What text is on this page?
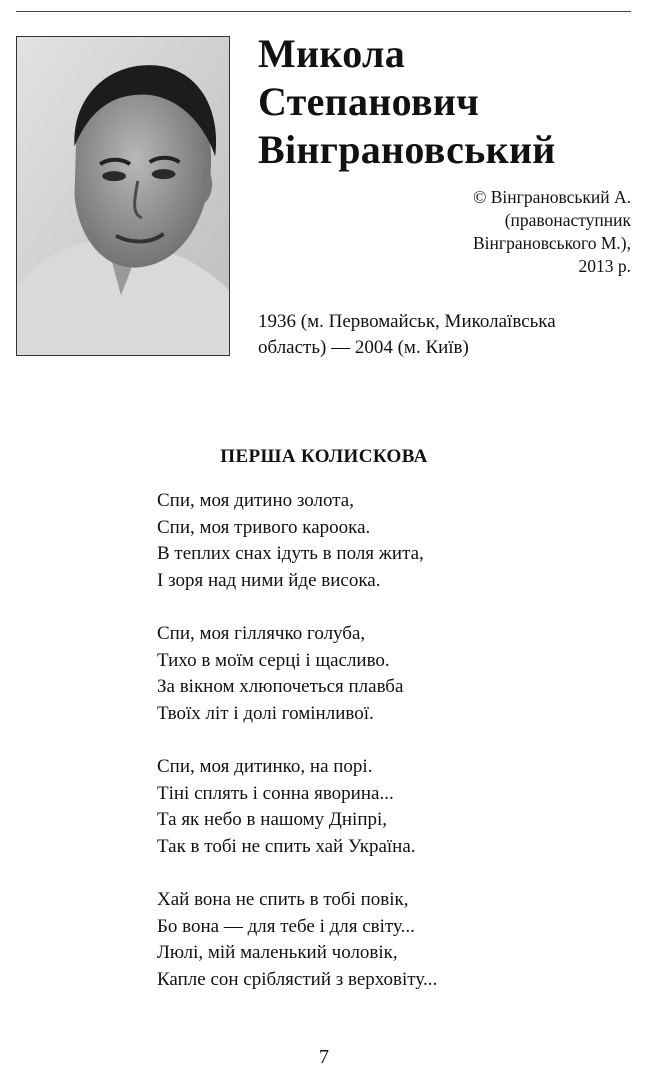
Микола
Степанович
Вінграновський
© Вінграновський А.
(правонаступник
Вінграновського М.),
2013 р.
1936 (м. Первомайськ, Миколаївська
область) — 2004 (м. Київ)
ПЕРША КОЛИСКОВА
Спи, моя дитино золота,
Спи, моя тривого кароока.
В теплих снах ідуть в поля жита,
І зоря над ними йде висока.
Спи, моя гіллячко голуба,
Тихо в моїм серці і щасливо.
За вікном хлюпочеться плавба
Твоїх літ і долі гомінливої.
Спи, моя дитинко, на порі.
Тіні сплять і сонна яворина...
Та як небо в нашому Дніпрі,
Так в тобі не спить хай Україна.
Хай вона не спить в тобі повік,
Бо вона — для тебе і для світу...
Люлі, мій маленький чоловік,
Капле сон сріблястий з верховіту...
7
